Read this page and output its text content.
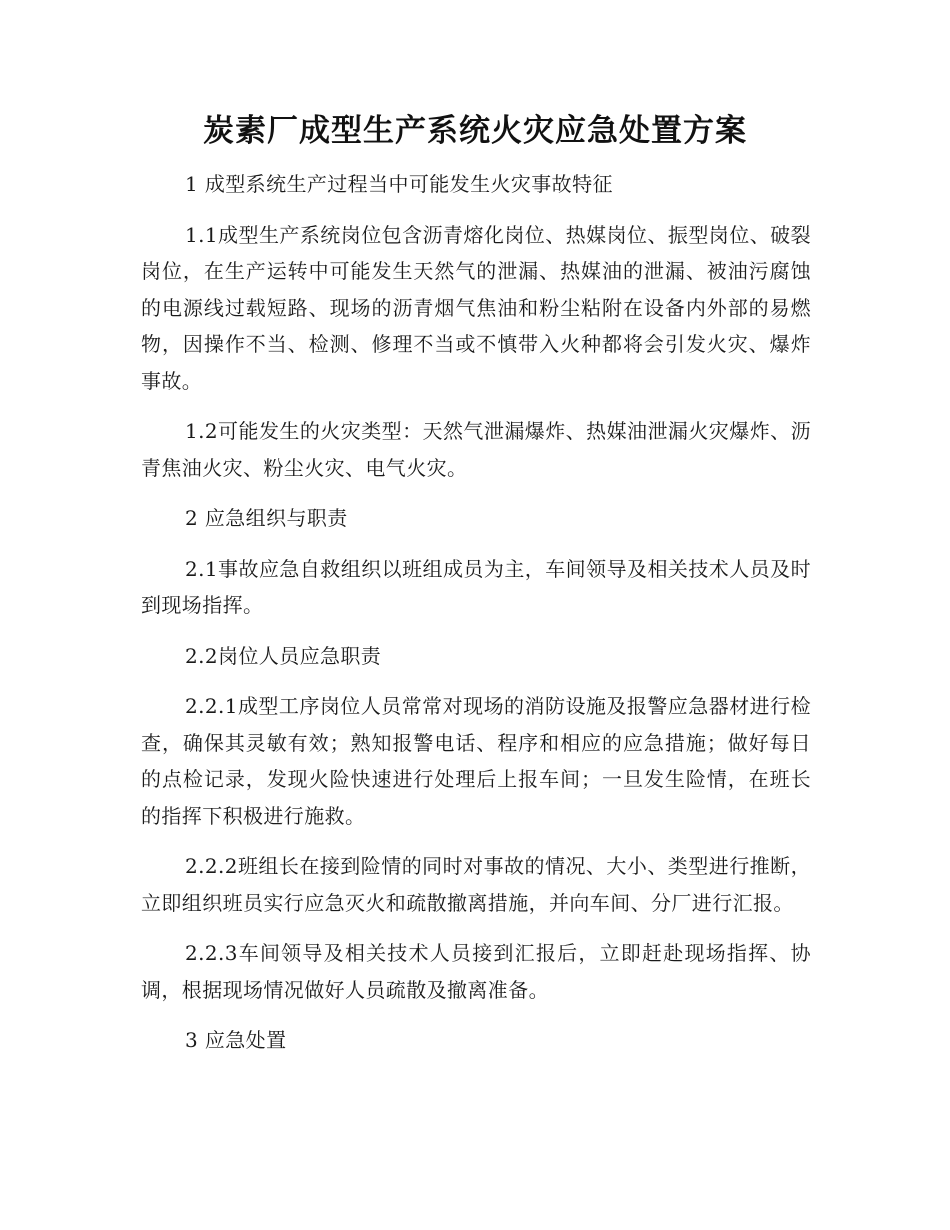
炭素厂成型生产系统火灾应急处置方案

1 成型系统生产过程当中可能发生火灾事故特征

1.1成型生产系统岗位包含沥青熔化岗位、热媒岗位、振型岗位、破裂岗位，在生产运转中可能发生天然气的泄漏、热媒油的泄漏、被油污腐蚀的电源线过载短路、现场的沥青烟气焦油和粉尘粘附在设备内外部的易燃物，因操作不当、检测、修理不当或不慎带入火种都将会引发火灾、爆炸事故。

1.2可能发生的火灾类型：天然气泄漏爆炸、热媒油泄漏火灾爆炸、沥青焦油火灾、粉尘火灾、电气火灾。

2 应急组织与职责

2.1事故应急自救组织以班组成员为主，车间领导及相关技术人员及时到现场指挥。

2.2岗位人员应急职责

2.2.1成型工序岗位人员常常对现场的消防设施及报警应急器材进行检查，确保其灵敏有效；熟知报警电话、程序和相应的应急措施；做好每日的点检记录，发现火险快速进行处理后上报车间；一旦发生险情，在班长的指挥下积极进行施救。

2.2.2班组长在接到险情的同时对事故的情况、大小、类型进行推断，立即组织班员实行应急灭火和疏散撤离措施，并向车间、分厂进行汇报。

2.2.3车间领导及相关技术人员接到汇报后，立即赶赴现场指挥、协调，根据现场情况做好人员疏散及撤离准备。

3 应急处置
